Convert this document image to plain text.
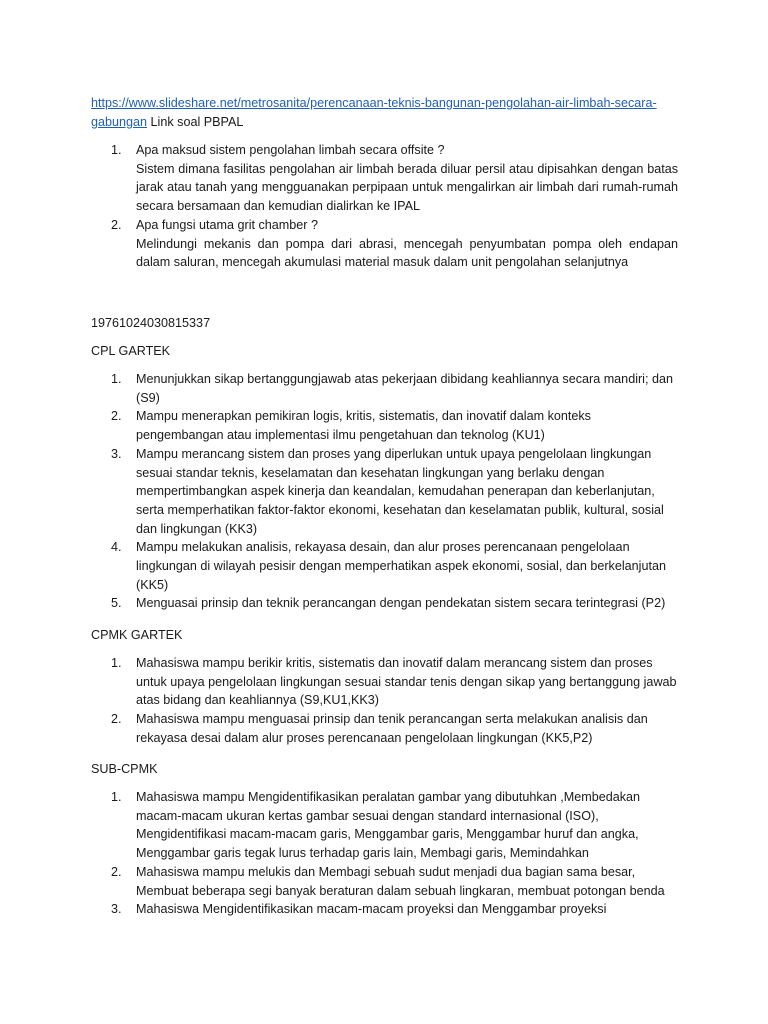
https://www.slideshare.net/metrosanita/perencanaan-teknis-bangunan-pengolahan-air-limbah-secara-gabungan Link soal PBPAL
1. Apa maksud sistem pengolahan limbah secara offsite ?

Sistem dimana fasilitas pengolahan air limbah berada diluar persil atau dipisahkan dengan batas jarak atau tanah yang mengguanakan perpipaan untuk mengalirkan air limbah dari rumah-rumah secara bersamaan dan kemudian dialirkan ke IPAL

2. Apa fungsi utama grit chamber ?

Melindungi mekanis dan pompa dari abrasi, mencegah penyumbatan pompa oleh endapan dalam saluran, mencegah akumulasi material masuk dalam unit pengolahan selanjutnya

19761024030815337
CPL GARTEK
1. Menunjukkan sikap bertanggungjawab atas pekerjaan dibidang keahliannya secara mandiri; dan (S9)
2. Mampu menerapkan pemikiran logis, kritis, sistematis, dan inovatif dalam konteks pengembangan atau implementasi ilmu pengetahuan dan teknolog (KU1)
3. Mampu merancang sistem dan proses yang diperlukan untuk upaya pengelolaan lingkungan sesuai standar teknis, keselamatan dan kesehatan lingkungan yang berlaku dengan mempertimbangkan aspek kinerja dan keandalan, kemudahan penerapan dan keberlanjutan, serta memperhatikan faktor-faktor ekonomi, kesehatan dan keselamatan publik, kultural, sosial dan lingkungan (KK3)
4. Mampu melakukan analisis, rekayasa desain, dan alur proses perencanaan pengelolaan lingkungan di wilayah pesisir dengan memperhatikan aspek ekonomi, sosial, dan berkelanjutan (KK5)
5. Menguasai prinsip dan teknik perancangan dengan pendekatan sistem secara terintegrasi (P2)
CPMK GARTEK
1. Mahasiswa mampu berikir kritis, sistematis dan inovatif dalam merancang sistem dan proses untuk upaya pengelolaan lingkungan sesuai standar tenis dengan sikap yang bertanggung jawab atas bidang dan keahliannya (S9,KU1,KK3)
2. Mahasiswa mampu menguasai prinsip dan tenik perancangan serta melakukan analisis dan rekayasa desai dalam alur proses perencanaan pengelolaan lingkungan (KK5,P2)
SUB-CPMK
1. Mahasiswa mampu Mengidentifikasikan peralatan gambar yang dibutuhkan ,Membedakan macam-macam ukuran kertas gambar sesuai dengan standard internasional (ISO), Mengidentifikasi macam-macam garis, Menggambar garis, Menggambar huruf dan angka, Menggambar garis tegak lurus terhadap garis lain, Membagi garis, Memindahkan
2. Mahasiswa mampu melukis dan Membagi sebuah sudut menjadi dua bagian sama besar, Membuat beberapa segi banyak beraturan dalam sebuah lingkaran, membuat potongan benda
3. Mahasiswa Mengidentifikasikan macam-macam proyeksi dan Menggambar proyeksi
